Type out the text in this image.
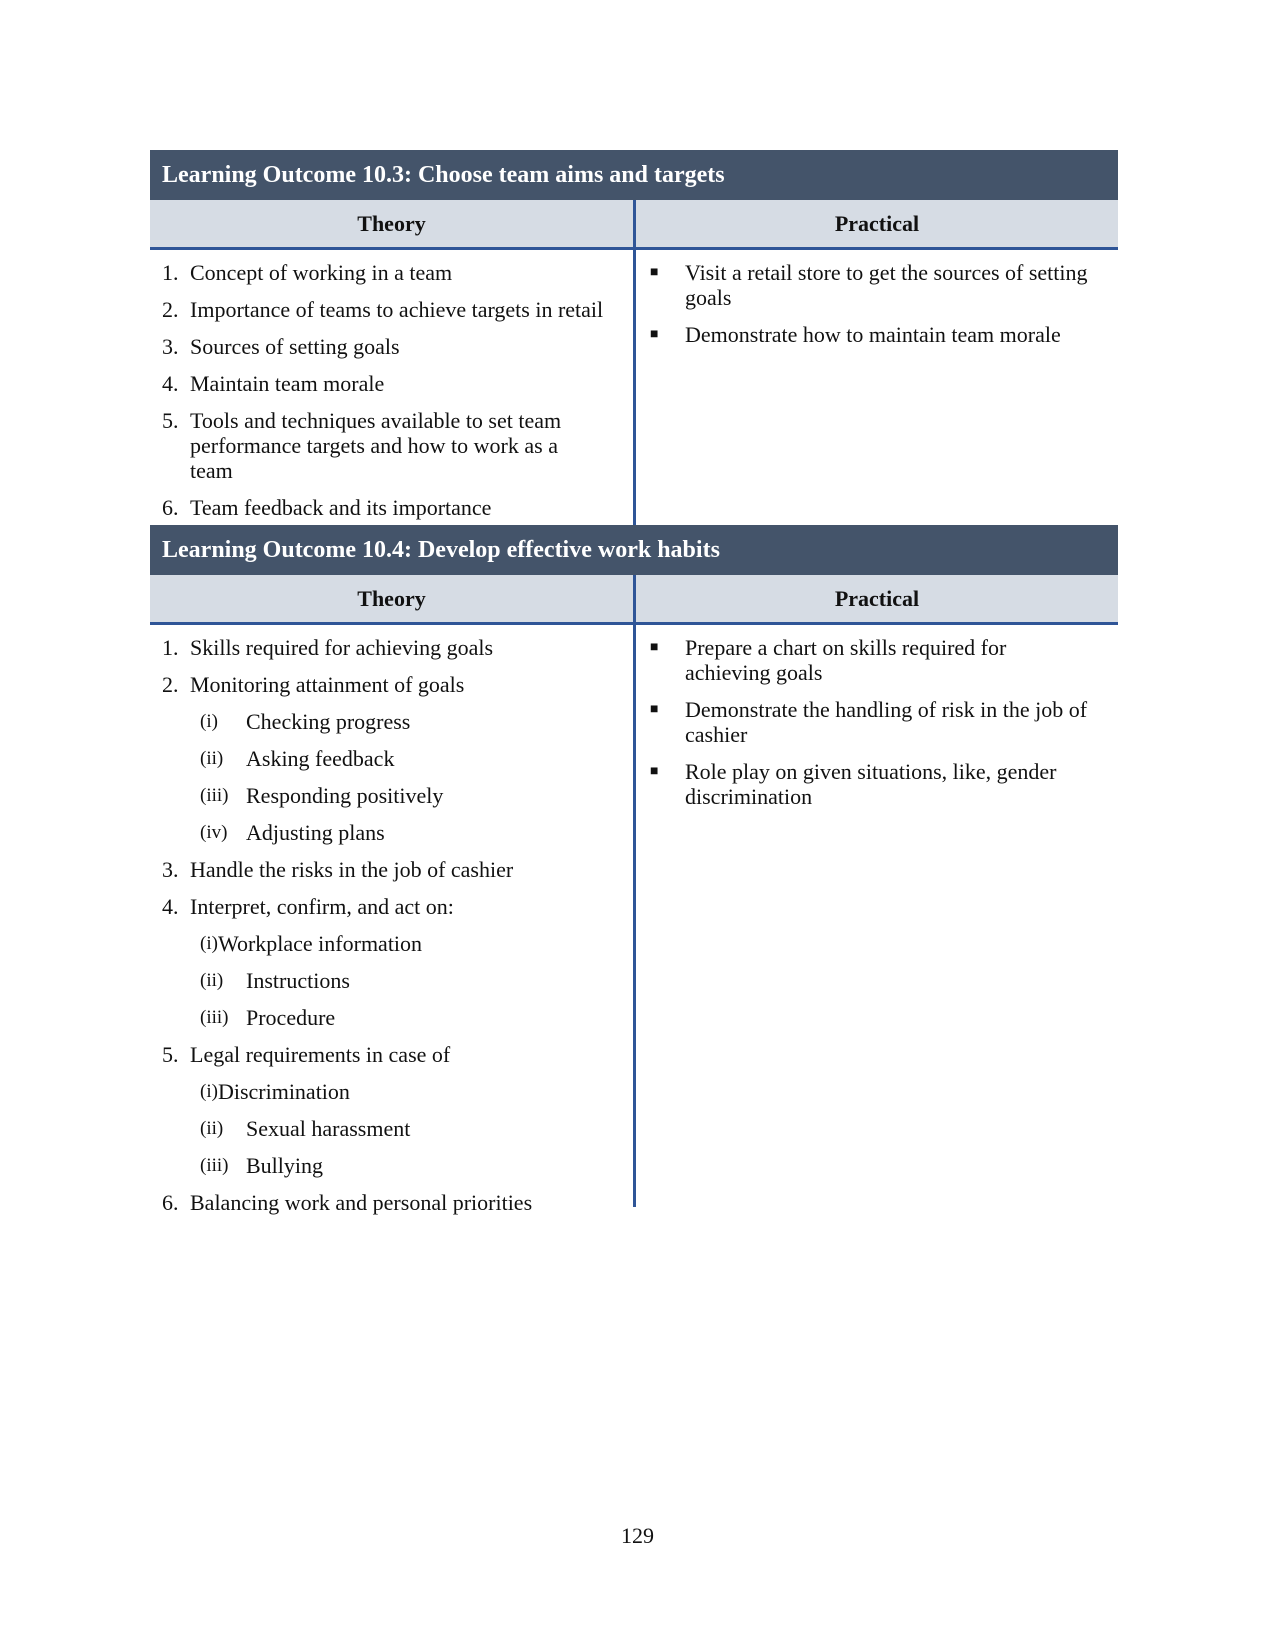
Learning Outcome 10.3: Choose team aims and targets
Theory	Practical
1. Concept of working in a team
2. Importance of teams to achieve targets in retail
3. Sources of setting goals
4. Maintain team morale
5. Tools and techniques available to set team performance targets and how to work as a team
6. Team feedback and its importance
■	Visit a retail store to get the sources of setting goals
■	Demonstrate how to maintain team morale
Learning Outcome 10.4: Develop effective work habits
Theory	Practical
1. Skills required for achieving goals
2. Monitoring attainment of goals
(i)	Checking progress
(ii)	Asking feedback
(iii) Responding positively
(iv) Adjusting plans
3. Handle the risks in the job of cashier
4. Interpret, confirm, and act on:
(i) Workplace information
(ii)	Instructions
(iii) Procedure
5. Legal requirements in case of
(i) Discrimination
(ii)	Sexual harassment
(iii) Bullying
6. Balancing work and personal priorities
■	Prepare a chart on skills required for achieving goals
■	Demonstrate the handling of risk in the job of cashier
■	Role play on given situations, like, gender discrimination
129
